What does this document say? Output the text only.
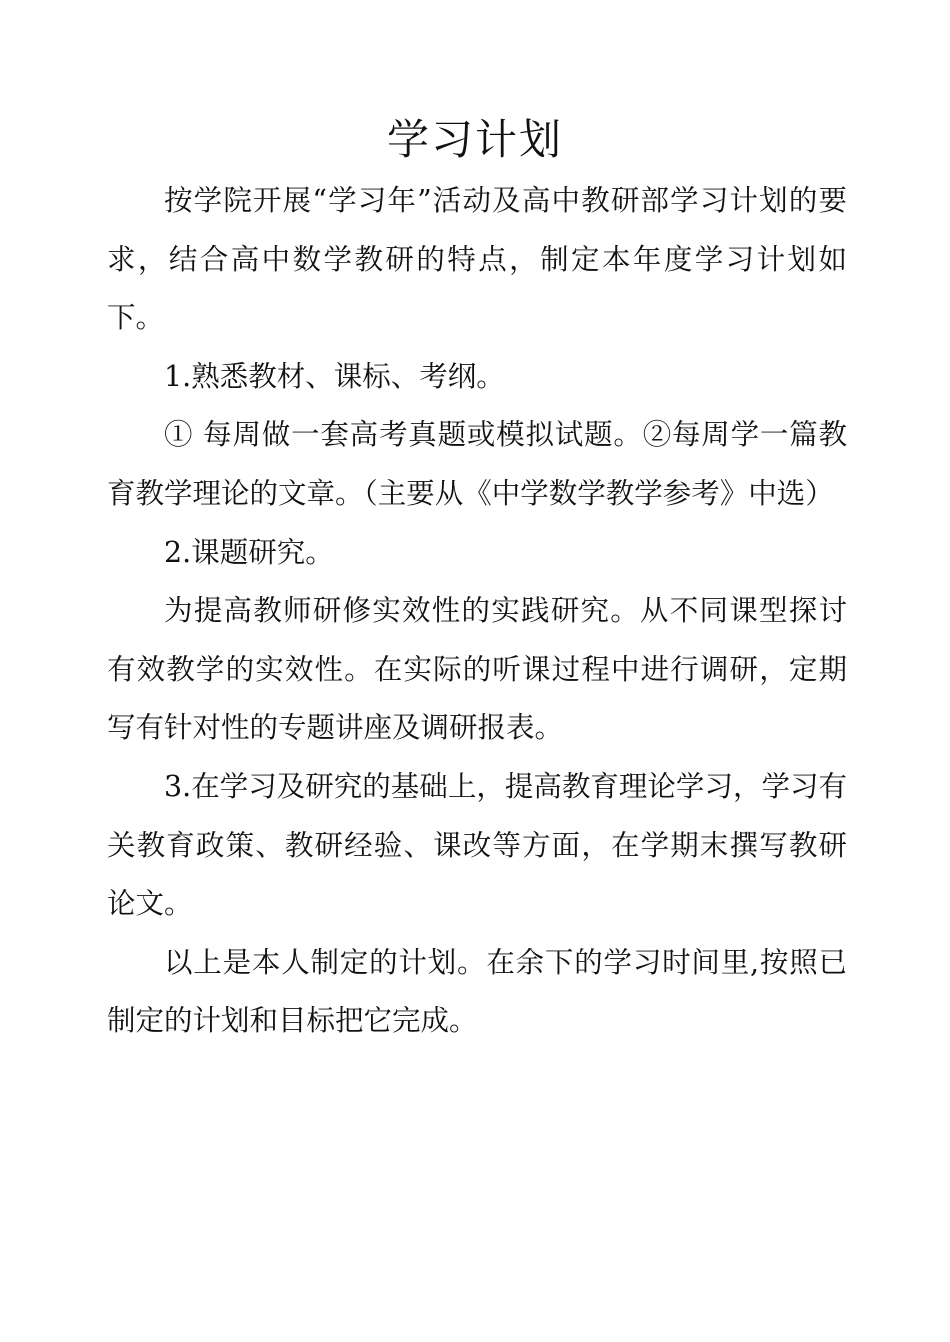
学习计划

按学院开展“学习年”活动及高中教研部学习计划的要求，结合高中数学教研的特点，制定本年度学习计划如下。

1.熟悉教材、课标、考纲。

① 每周做一套高考真题或模拟试题。②每周学一篇教育教学理论的文章。（主要从《中学数学教学参考》中选）

2.课题研究。

为提高教师研修实效性的实践研究。从不同课型探讨有效教学的实效性。在实际的听课过程中进行调研，定期写有针对性的专题讲座及调研报表。

3.在学习及研究的基础上，提高教育理论学习，学习有关教育政策、教研经验、课改等方面，在学期末撰写教研论文。

以上是本人制定的计划。在余下的学习时间里,按照已制定的计划和目标把它完成。
